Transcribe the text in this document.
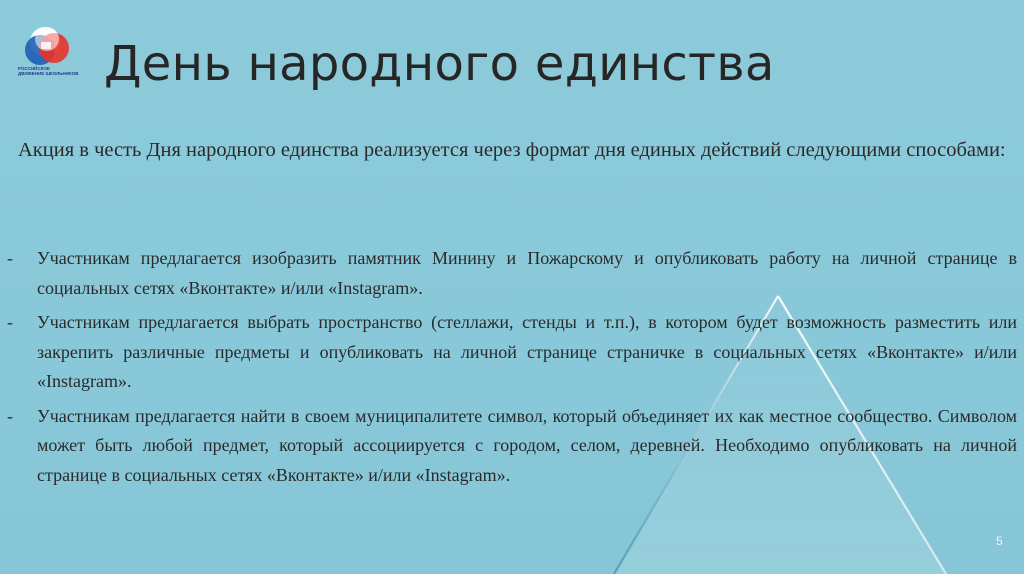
РОССИЙСКОЕ
ДВИЖЕНИЕ ШКОЛЬНИКОВ День народного единства

Акция в честь Дня народного единства реализуется через формат дня единых действий следующими способами:

- Участникам предлагается изобразить памятник Минину и Пожарскому и опубликовать работу на личной странице в социальных сетях «Вконтакте» и/или «Instagram».
- Участникам предлагается выбрать пространство (стеллажи, стенды и т.п.), в котором будет возможность разместить или закрепить различные предметы и опубликовать на личной странице страничке в социальных сетях «Вконтакте» и/или «Instagram».
- Участникам предлагается найти в своем муниципалитете символ, который объединяет их как местное сообщество. Символом может быть любой предмет, который ассоциируется с городом, селом, деревней. Необходимо опубликовать на личной странице в социальных сетях «Вконтакте» и/или «Instagram».
5
